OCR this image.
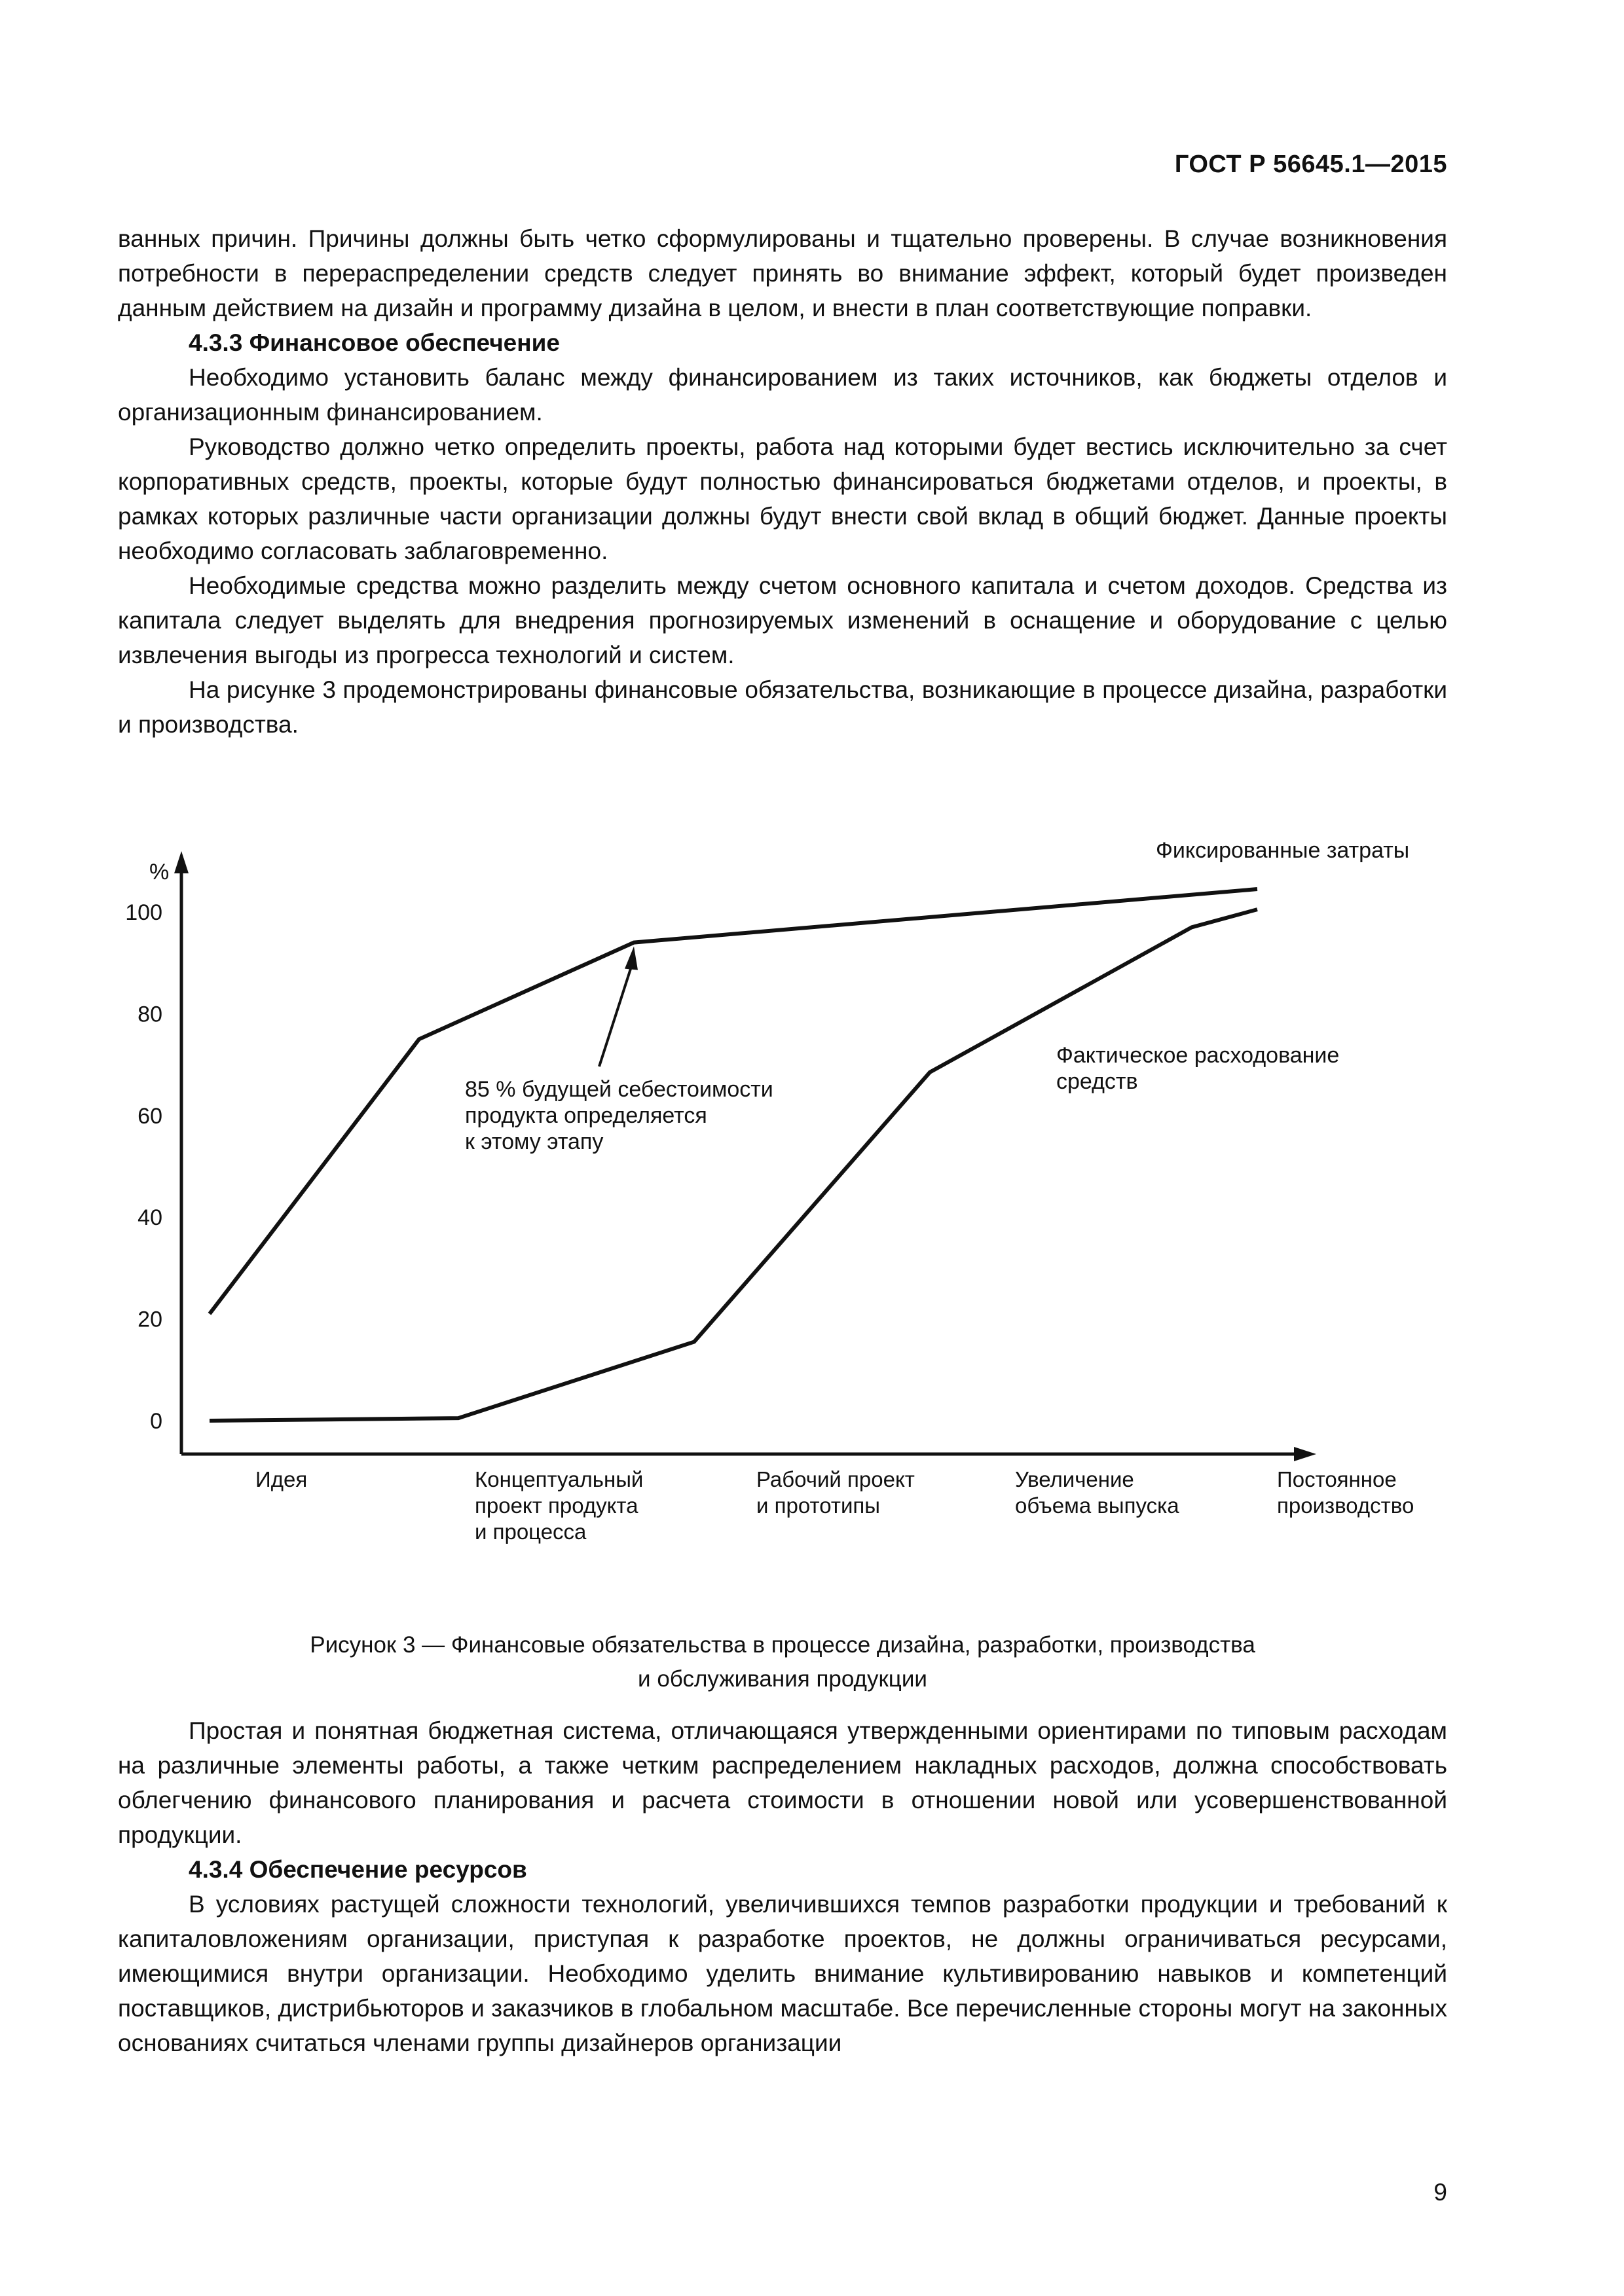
ГОСТ Р 56645.1—2015

ванных причин. Причины должны быть четко сформулированы и тщательно проверены. В случае возникновения потребности в перераспределении средств следует принять во внимание эффект, который будет произведен данным действием на дизайн и программу дизайна в целом, и внести в план соответствующие поправки.

4.3.3 Финансовое обеспечение

Необходимо установить баланс между финансированием из таких источников, как бюджеты отделов и организационным финансированием.

Руководство должно четко определить проекты, работа над которыми будет вестись исключительно за счет корпоративных средств, проекты, которые будут полностью финансироваться бюджетами отделов, и проекты, в рамках которых различные части организации должны будут внести свой вклад в общий бюджет. Данные проекты необходимо согласовать заблаговременно.

Необходимые средства можно разделить между счетом основного капитала и счетом доходов. Средства из капитала следует выделять для внедрения прогнозируемых изменений в оснащение и оборудование с целью извлечения выгоды из прогресса технологий и систем.

На рисунке 3 продемонстрированы финансовые обязательства, возникающие в процессе дизайна, разработки и производства.

%
0
20
40
60
80
100
Идея	Концептуальный
проект продукта
и процесса
Рабочий проект
и прототипы
Увеличение
объема выпуска
Постоянное
производство
Фиксированные затраты
Фактическое расходование
средств
85 % будущей себестоимости
продукта определяется
к этому этапу
Рисунок 3 — Финансовые обязательства в процессе дизайна, разработки, производства
и обслуживания продукции

Простая и понятная бюджетная система, отличающаяся утвержденными ориентирами по типовым расходам на различные элементы работы, а также четким распределением накладных расходов, должна способствовать облегчению финансового планирования и расчета стоимости в отношении новой или усовершенствованной продукции.

4.3.4 Обеспечение ресурсов

В условиях растущей сложности технологий, увеличившихся темпов разработки продукции и требований к капиталовложениям организации, приступая к разработке проектов, не должны ограничиваться ресурсами, имеющимися внутри организации. Необходимо уделить внимание культивированию навыков и компетенций поставщиков, дистрибьюторов и заказчиков в глобальном масштабе. Все перечисленные стороны могут на законных основаниях считаться членами группы дизайнеров организации

9
